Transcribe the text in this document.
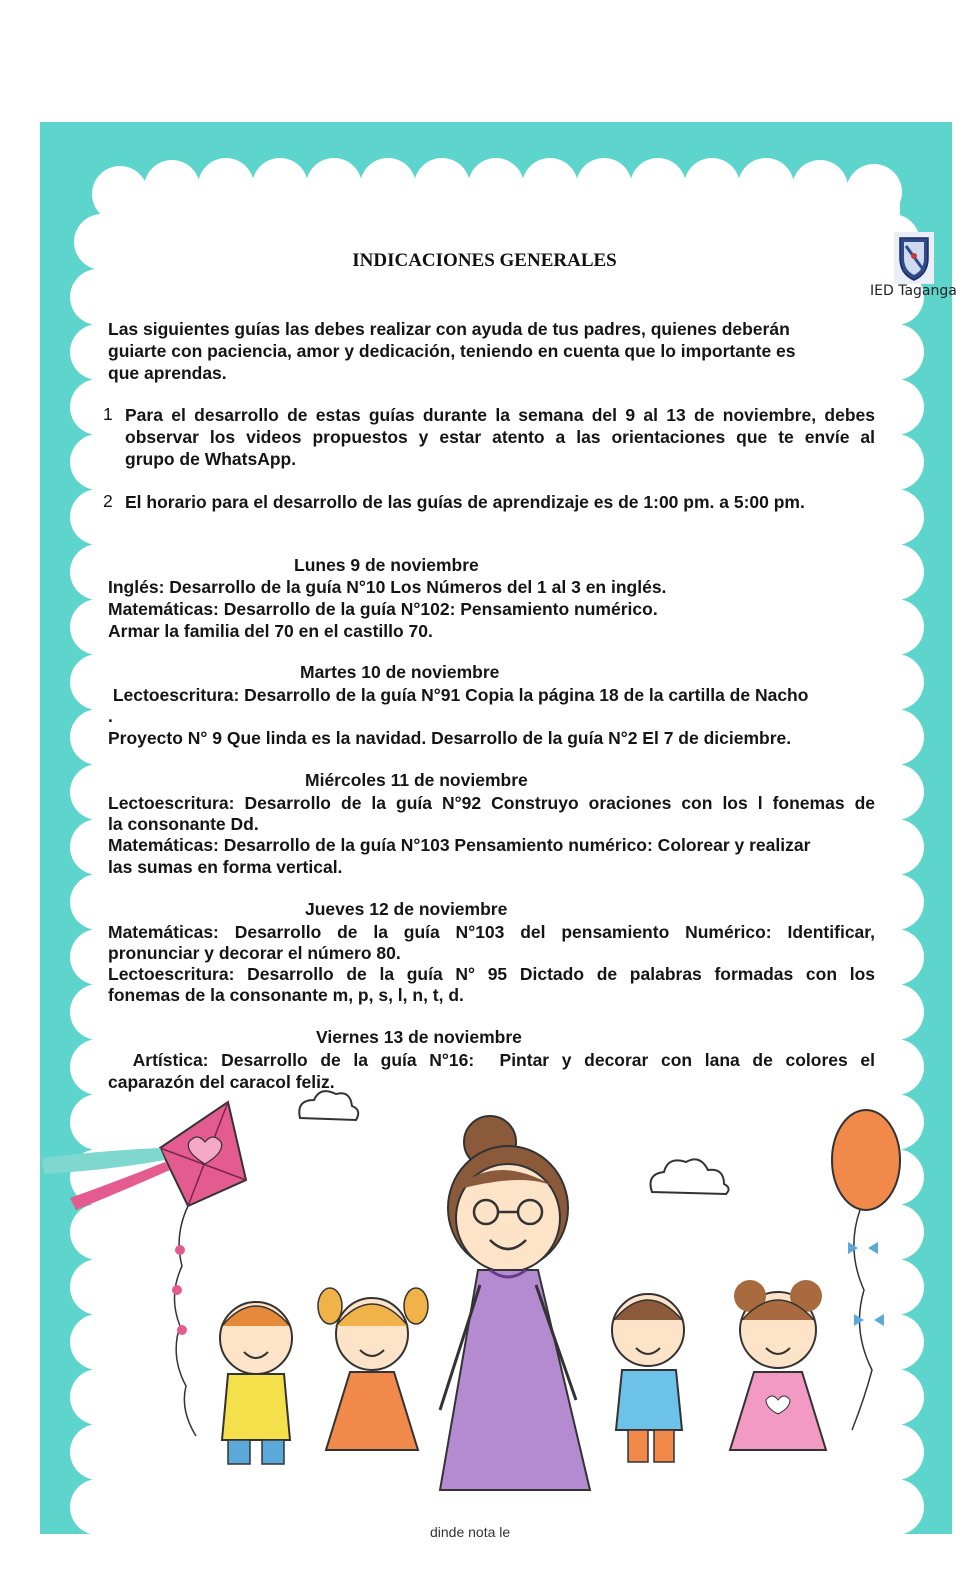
INDICACIONES GENERALES
IED Taganga
Las siguientes guías las debes realizar con ayuda de tus padres, quienes deberán
guiarte con paciencia, amor y dedicación, teniendo en cuenta que lo importante es
que aprendas.
1 Para el desarrollo de estas guías durante la semana del 9 al 13 de noviembre, debes
observar los videos propuestos y estar atento a las orientaciones que te envíe al
grupo de WhatsApp.
2 El horario para el desarrollo de las guías de aprendizaje es de 1:00 pm. a 5:00 pm.
Lunes 9 de noviembre
Inglés: Desarrollo de la guía N°10 Los Números del 1 al 3 en inglés.
Matemáticas: Desarrollo de la guía N°102: Pensamiento numérico.
Armar la familia del 70 en el castillo 70.
Martes 10 de noviembre
Lectoescritura: Desarrollo de la guía N°91 Copia la página 18 de la cartilla de Nacho
.
Proyecto N° 9 Que linda es la navidad. Desarrollo de la guía N°2 El 7 de diciembre.
Miércoles 11 de noviembre
Lectoescritura: Desarrollo de la guía N°92 Construyo oraciones con los l fonemas de
la consonante Dd.
Matemáticas: Desarrollo de la guía N°103 Pensamiento numérico: Colorear y realizar
las sumas en forma vertical.
Jueves 12 de noviembre
Matemáticas: Desarrollo de la guía N°103 del pensamiento Numérico: Identificar,
pronunciar y decorar el número 80.
Lectoescritura: Desarrollo de la guía N° 95 Dictado de palabras formadas con los
fonemas de la consonante m, p, s, l, n, t, d.
Viernes 13 de noviembre
Artística: Desarrollo de la guía N°16:  Pintar y decorar con lana de colores el
caparazón del caracol feliz.
dinde nota le
